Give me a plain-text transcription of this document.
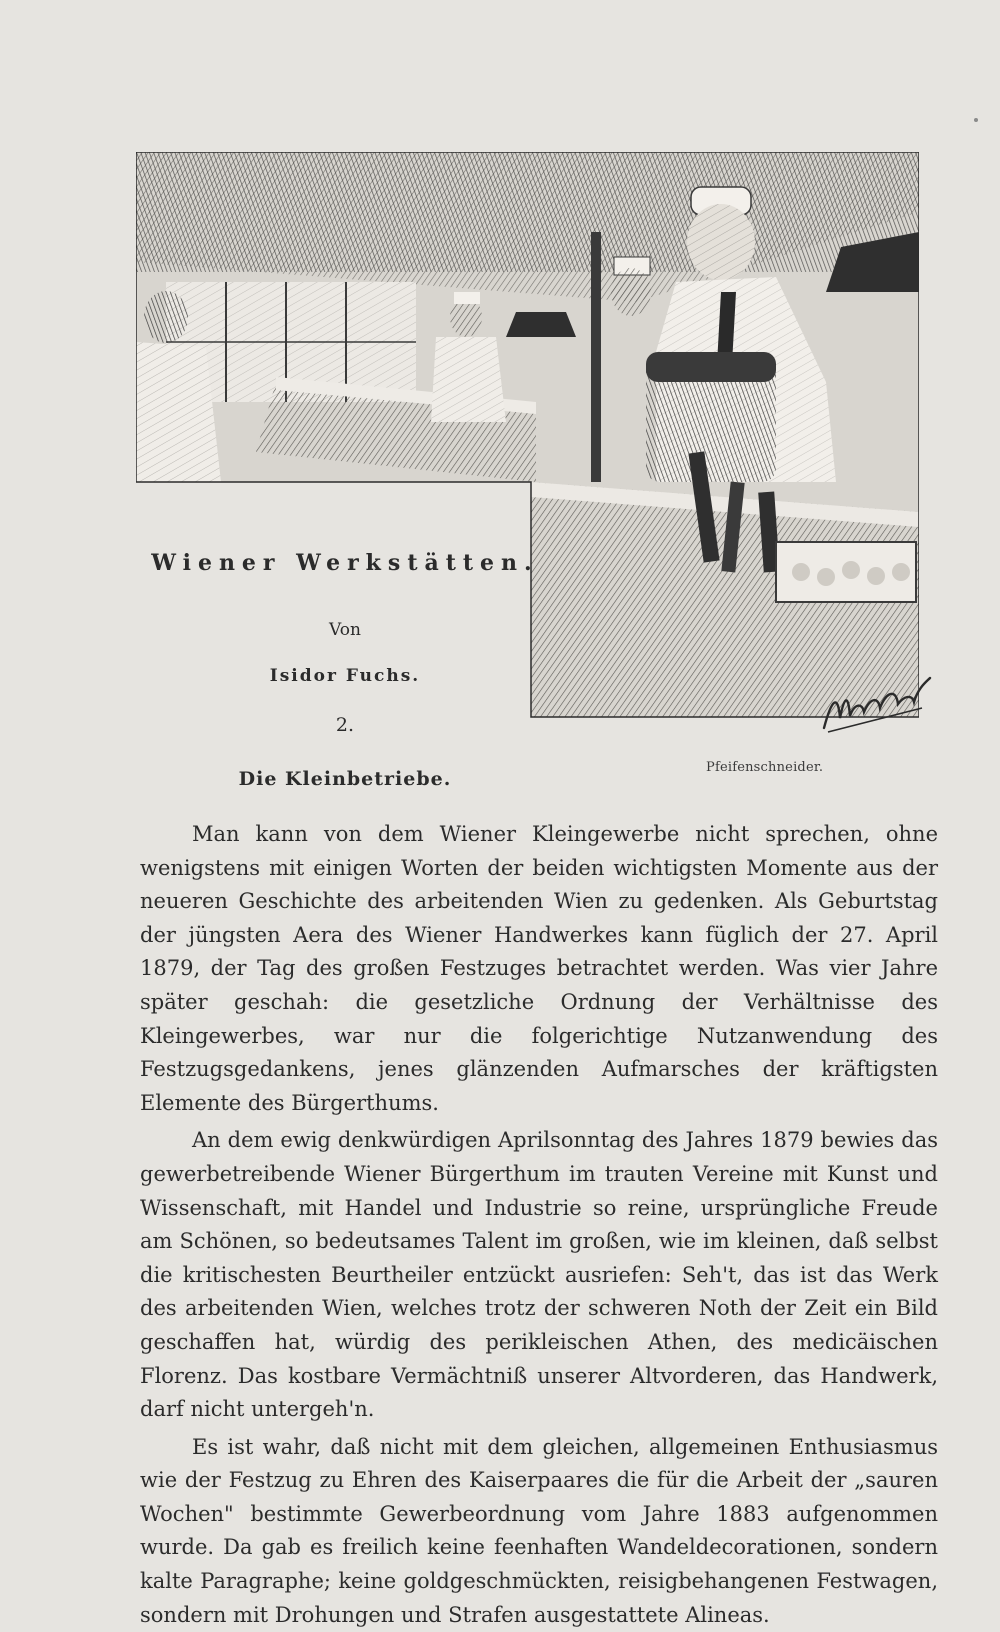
Pfeifenschneider.
Wiener Werkstätten.
Von
Isidor Fuchs.
2.
Die Kleinbetriebe.

Man kann von dem Wiener Kleingewerbe nicht sprechen, ohne wenigstens mit einigen Worten der beiden wichtigsten Momente aus der neueren Geschichte des arbeitenden Wien zu gedenken. Als Geburtstag der jüngsten Aera des Wiener Handwerkes kann füglich der 27. April 1879, der Tag des großen Festzuges betrachtet werden. Was vier Jahre später geschah: die gesetzliche Ordnung der Verhältnisse des Kleingewerbes, war nur die folgerichtige Nutzanwendung des Festzugsgedankens, jenes glänzenden Aufmarsches der kräftigsten Elemente des Bürgerthums.

An dem ewig denkwürdigen Aprilsonntag des Jahres 1879 bewies das gewerbetreibende Wiener Bürgerthum im trauten Vereine mit Kunst und Wissenschaft, mit Handel und Industrie so reine, ursprüngliche Freude am Schönen, so bedeutsames Talent im großen, wie im kleinen, daß selbst die kritischesten Beurtheiler entzückt ausriefen: Seh't, das ist das Werk des arbeitenden Wien, welches trotz der schweren Noth der Zeit ein Bild geschaffen hat, würdig des perikleischen Athen, des medicäischen Florenz. Das kostbare Vermächtniß unserer Altvorderen, das Handwerk, darf nicht untergeh'n.

Es ist wahr, daß nicht mit dem gleichen, allgemeinen Enthusiasmus wie der Festzug zu Ehren des Kaiserpaares die für die Arbeit der „sauren Wochen" bestimmte Gewerbeordnung vom Jahre 1883 aufgenommen wurde. Da gab es freilich keine feenhaften Wandeldecorationen, sondern kalte Paragraphe; keine goldgeschmückten, reisigbehangenen Festwagen, sondern mit Drohungen und Strafen ausgestattete Alineas.
